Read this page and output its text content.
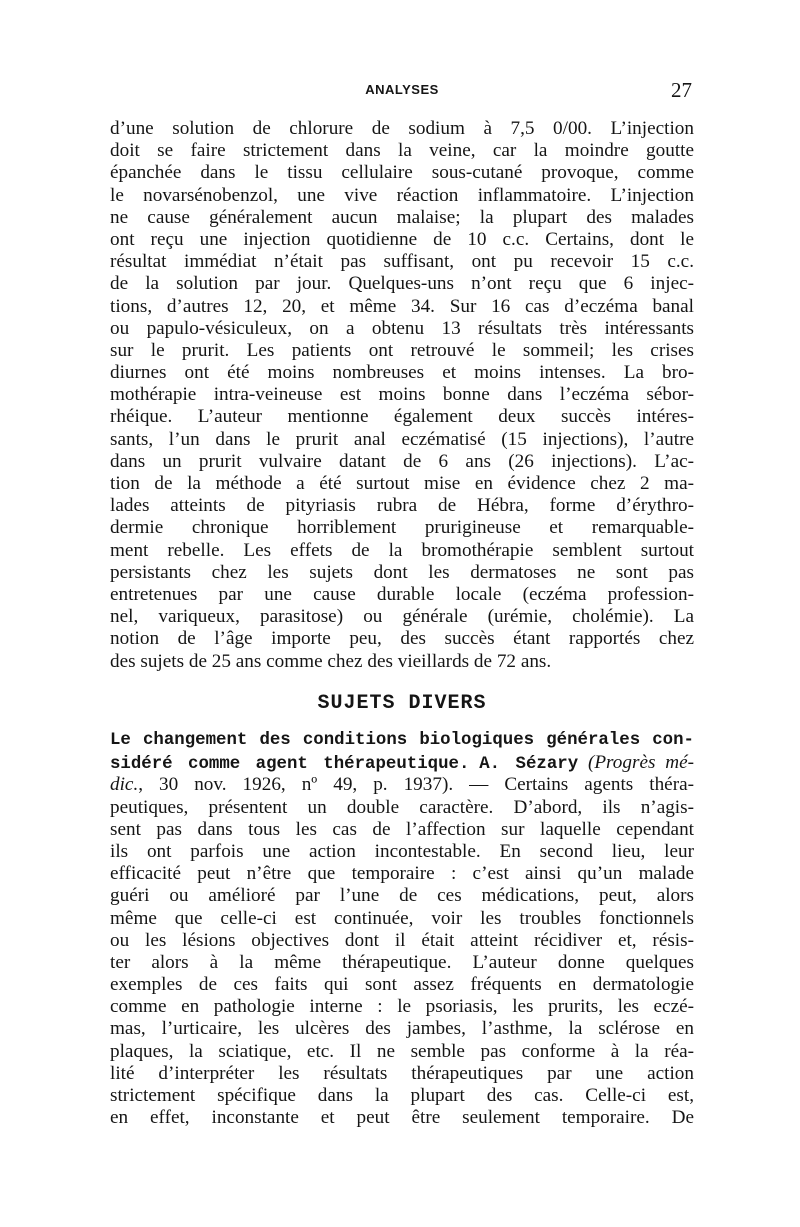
ANALYSES	27
d’une solution de chlorure de sodium à 7,5 0/00. L’injection
doit se faire strictement dans la veine, car la moindre goutte
épanchée dans le tissu cellulaire sous-cutané provoque, comme
le novarsénobenzol, une vive réaction inflammatoire. L’injection
ne cause généralement aucun malaise; la plupart des malades
ont reçu une injection quotidienne de 10 c.c. Certains, dont le
résultat immédiat n’était pas suffisant, ont pu recevoir 15 c.c.
de la solution par jour. Quelques-uns n’ont reçu que 6 injec-
tions, d’autres 12, 20, et même 34. Sur 16 cas d’eczéma banal
ou papulo-vésiculeux, on a obtenu 13 résultats très intéressants
sur le prurit. Les patients ont retrouvé le sommeil; les crises
diurnes ont été moins nombreuses et moins intenses. La bro-
mothérapie intra-veineuse est moins bonne dans l’eczéma sébor-
rhéique. L’auteur mentionne également deux succès intéres-
sants, l’un dans le prurit anal eczématisé (15 injections), l’autre
dans un prurit vulvaire datant de 6 ans (26 injections). L’ac-
tion de la méthode a été surtout mise en évidence chez 2 ma-
lades atteints de pityriasis rubra de Hébra, forme d’érythro-
dermie chronique horriblement prurigineuse et remarquable-
ment rebelle. Les effets de la bromothérapie semblent surtout
persistants chez les sujets dont les dermatoses ne sont pas
entretenues par une cause durable locale (eczéma profession-
nel, variqueux, parasitose) ou générale (urémie, cholémie). La
notion de l’âge importe peu, des succès étant rapportés chez
des sujets de 25 ans comme chez des vieillards de 72 ans.
SUJETS DIVERS
Le changement des conditions biologiques générales con-
sidéré comme agent thérapeutique. A. Sézary (Progrès mé-
dic., 30 nov. 1926, nº 49, p. 1937). — Certains agents théra-
peutiques, présentent un double caractère. D’abord, ils n’agis-
sent pas dans tous les cas de l’affection sur laquelle cependant
ils ont parfois une action incontestable. En second lieu, leur
efficacité peut n’être que temporaire : c’est ainsi qu’un malade
guéri ou amélioré par l’une de ces médications, peut, alors
même que celle-ci est continuée, voir les troubles fonctionnels
ou les lésions objectives dont il était atteint récidiver et, résis-
ter alors à la même thérapeutique. L’auteur donne quelques
exemples de ces faits qui sont assez fréquents en dermatologie
comme en pathologie interne : le psoriasis, les prurits, les eczé-
mas, l’urticaire, les ulcères des jambes, l’asthme, la sclérose en
plaques, la sciatique, etc. Il ne semble pas conforme à la réa-
lité d’interpréter les résultats thérapeutiques par une action
strictement spécifique dans la plupart des cas. Celle-ci est,
en effet, inconstante et peut être seulement temporaire. De
